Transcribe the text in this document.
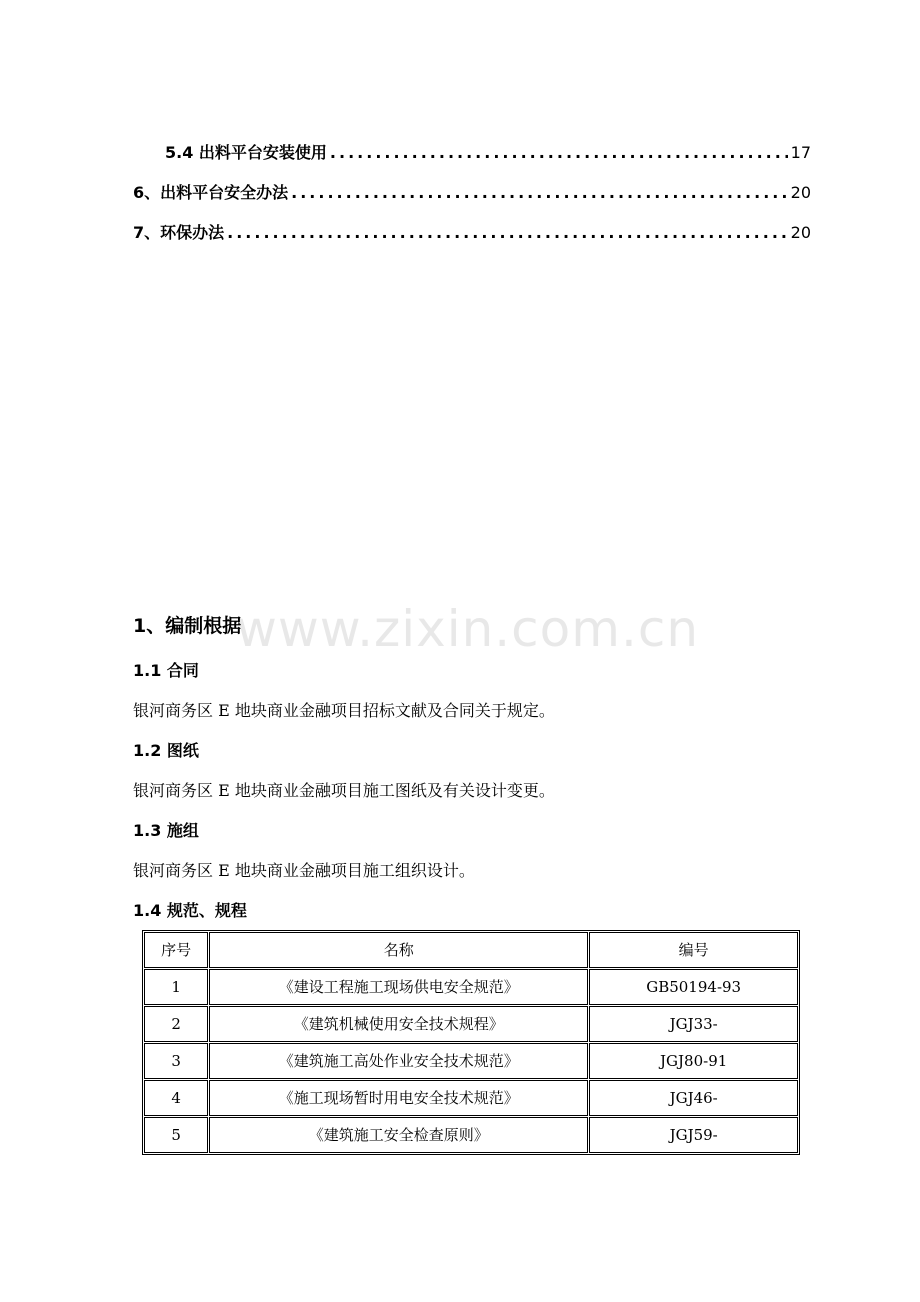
5.4 出料平台安装使用 .....	17
6、出料平台安全办法 .....	20
7、环保办法 .....	20
www.zixin.com.cn
1、编制根据
1.1 合同
银河商务区 E 地块商业金融项目招标文献及合同关于规定。
1.2 图纸
银河商务区 E 地块商业金融项目施工图纸及有关设计变更。
1.3 施组
银河商务区 E 地块商业金融项目施工组织设计。
1.4 规范、规程
序号	名称	编号
1	《建设工程施工现场供电安全规范》	GB50194-93
2	《建筑机械使用安全技术规程》	JGJ33-
3	《建筑施工高处作业安全技术规范》	JGJ80-91
4	《施工现场暂时用电安全技术规范》	JGJ46-
5	《建筑施工安全检查原则》	JGJ59-
